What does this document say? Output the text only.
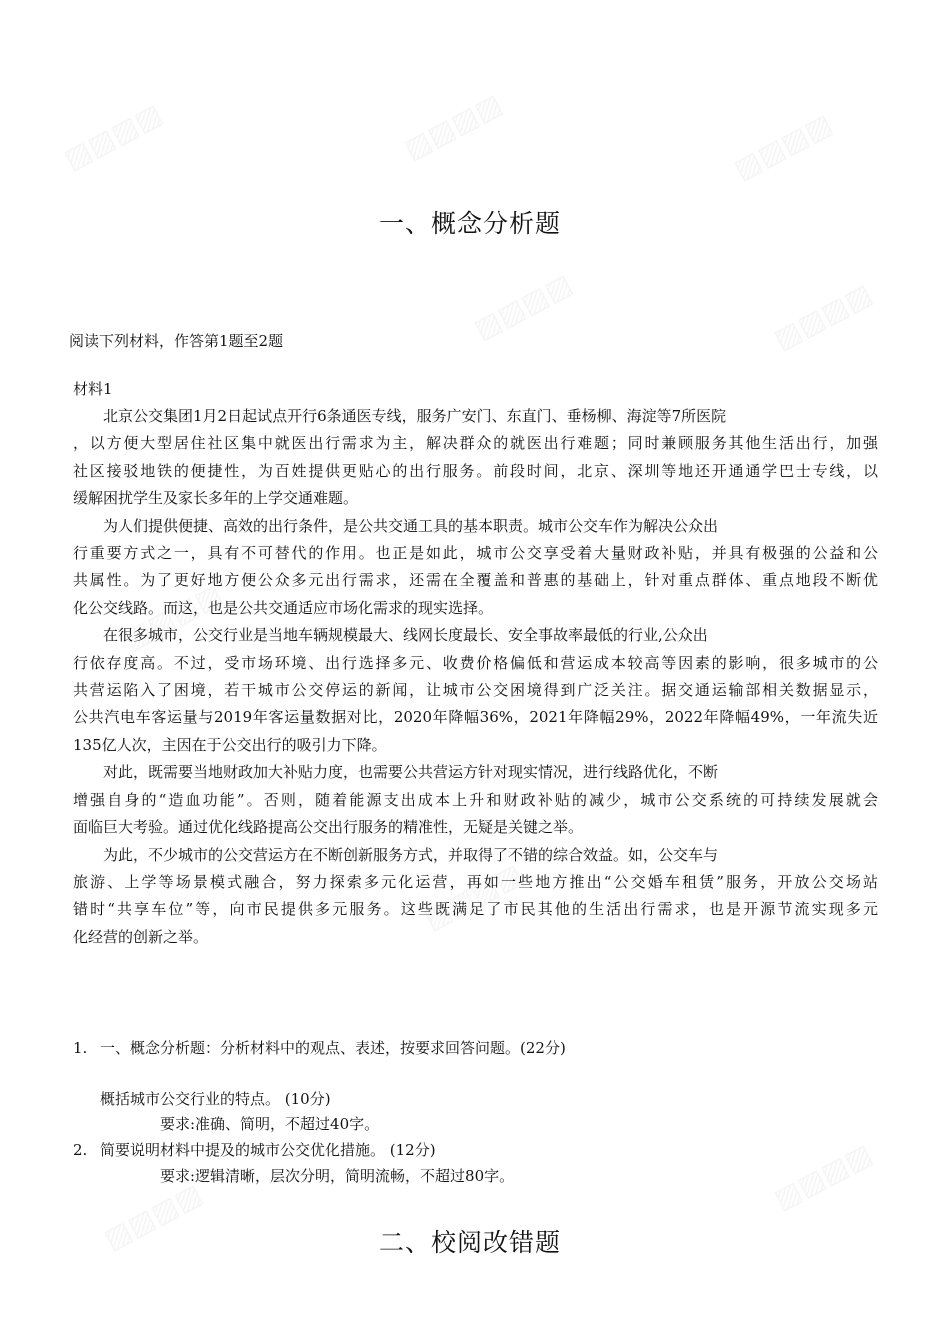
▨▨▨▨	▨▨▨▨	▨▨▨▨
▨▨▨▨	▨▨▨▨
▨▨▨▨
▨▨▨▨
▨▨▨▨
▨▨▨▨
一、概念分析题
阅读下列材料，作答第1题至2题
材料1

北京公交集团1月2日起试点开行6条通医专线，服务广安门、东直门、垂杨柳、海淀等7所医院
，以方便大型居住社区集中就医出行需求为主，解决群众的就医出行难题；同时兼顾服务其他生活出行，加强
社区接驳地铁的便捷性，为百姓提供更贴心的出行服务。前段时间，北京、深圳等地还开通通学巴士专线，以
缓解困扰学生及家长多年的上学交通难题。

为人们提供便捷、高效的出行条件，是公共交通工具的基本职责。城市公交车作为解决公众出
行重要方式之一，具有不可替代的作用。也正是如此，城市公交享受着大量财政补贴，并具有极强的公益和公
共属性。为了更好地方便公众多元出行需求，还需在全覆盖和普惠的基础上，针对重点群体、重点地段不断优
化公交线路。而这，也是公共交通适应市场化需求的现实选择。

在很多城市，公交行业是当地车辆规模最大、线网长度最长、安全事故率最低的行业,公众出
行依存度高。不过，受市场环境、出行选择多元、收费价格偏低和营运成本较高等因素的影响，很多城市的公
共营运陷入了困境，若干城市公交停运的新闻，让城市公交困境得到广泛关注。据交通运输部相关数据显示，
公共汽电车客运量与2019年客运量数据对比，2020年降幅36%，2021年降幅29%，2022年降幅49%，一年流失近
135亿人次，主因在于公交出行的吸引力下降。

对此，既需要当地财政加大补贴力度，也需要公共营运方针对现实情况，进行线路优化，不断
增强自身的“造血功能”。否则，随着能源支出成本上升和财政补贴的减少，城市公交系统的可持续发展就会
面临巨大考验。通过优化线路提高公交出行服务的精准性，无疑是关键之举。

为此，不少城市的公交营运方在不断创新服务方式，并取得了不错的综合效益。如，公交车与
旅游、上学等场景模式融合，努力探索多元化运营，再如一些地方推出“公交婚车租赁”服务，开放公交场站
错时“共享车位”等，向市民提供多元服务。这些既满足了市民其他的生活出行需求，也是开源节流实现多元
化经营的创新之举。

1. 一、概念分析题：分析材料中的观点、表述，按要求回答问题。(22分)
概括城市公交行业的特点。 (10分)
要求:准确、简明，不超过40字。
2. 简要说明材料中提及的城市公交优化措施。 (12分)
要求:逻辑清晰，层次分明，简明流畅，不超过80字。
二、校阅改错题
